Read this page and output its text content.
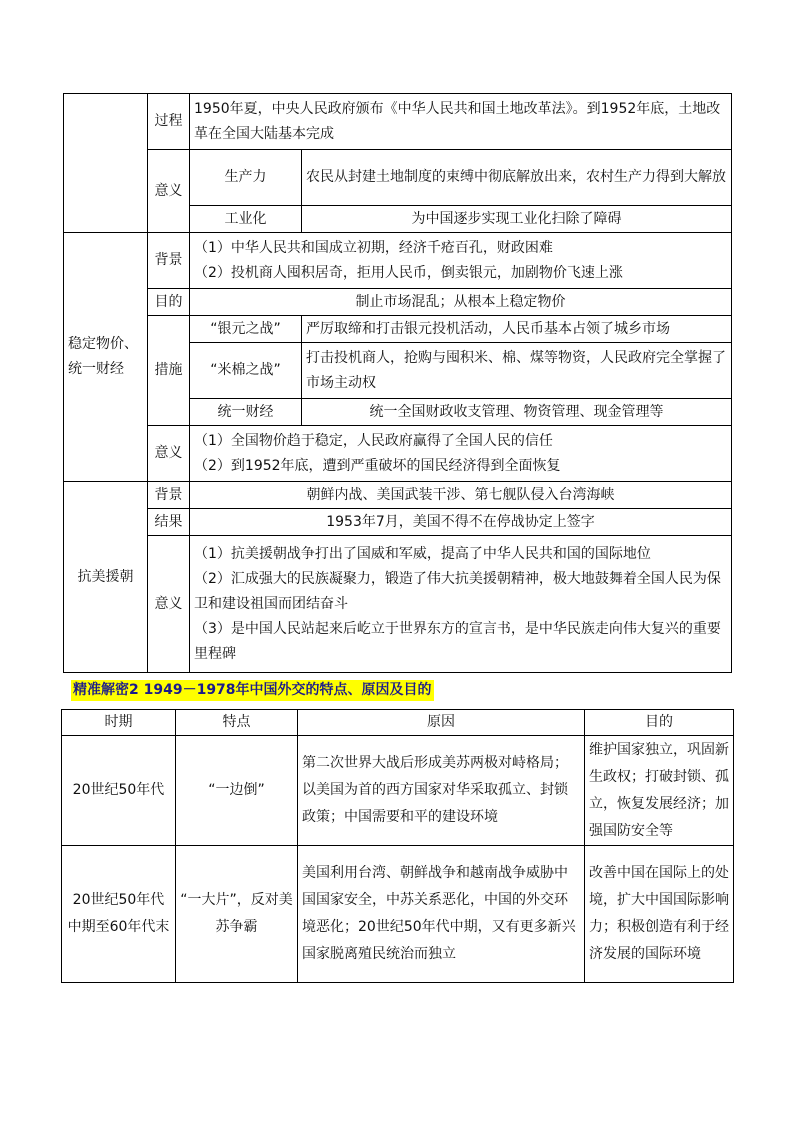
	过程	1950年夏，中央人民政府颁布《中华人民共和国土地改革法》。到1952年底，土地改革在全国大陆基本完成	
	意义	生产力	农民从封建土地制度的束缚中彻底解放出来，农村生产力得到大解放
		工业化	为中国逐步实现工业化扫除了障碍
稳定物价、统一财经	背景	（1）中华人民共和国成立初期，经济千疮百孔，财政困难
（2）投机商人囤积居奇，拒用人民币，倒卖银元，加剧物价飞速上涨	

	目的	制止市场混乱；从根本上稳定物价	
	措施	“银元之战”	严厉取缔和打击银元投机活动，人民币基本占领了城乡市场
		“米棉之战”	打击投机商人，抢购与囤积米、棉、煤等物资，人民政府完全掌握了市场主动权
		统一财经	统一全国财政收支管理、物资管理、现金管理等
	意义	（1）全国物价趋于稳定，人民政府赢得了全国人民的信任
（2）到1952年底，遭到严重破坏的国民经济得到全面恢复	

抗美援朝	背景	朝鲜内战、美国武装干涉、第七舰队侵入台湾海峡	
	结果	1953年7月，美国不得不在停战协定上签字	
	意义	（1）抗美援朝战争打出了国威和军威，提高了中华人民共和国的国际地位
（2）汇成强大的民族凝聚力，锻造了伟大抗美援朝精神，极大地鼓舞着全国人民为保卫和建设祖国而团结奋斗
（3）是中国人民站起来后屹立于世界东方的宣言书，是中华民族走向伟大复兴的重要里程碑	
精准解密2 1949－1978年中国外交的特点、原因及目的
时期	特点	原因	目的
20世纪50年代	“一边倒”	第二次世界大战后形成美苏两极对峙格局；以美国为首的西方国家对华采取孤立、封锁政策；中国需要和平的建设环境	维护国家独立，巩固新生政权；打破封锁、孤立，恢复发展经济；加强国防安全等
20世纪50年代中期至60年代末	“一大片”，反对美苏争霸	美国利用台湾、朝鲜战争和越南战争威胁中国国家安全，中苏关系恶化，中国的外交环境恶化；20世纪50年代中期，又有更多新兴国家脱离殖民统治而独立	改善中国在国际上的处境，扩大中国国际影响力；积极创造有利于经济发展的国际环境
